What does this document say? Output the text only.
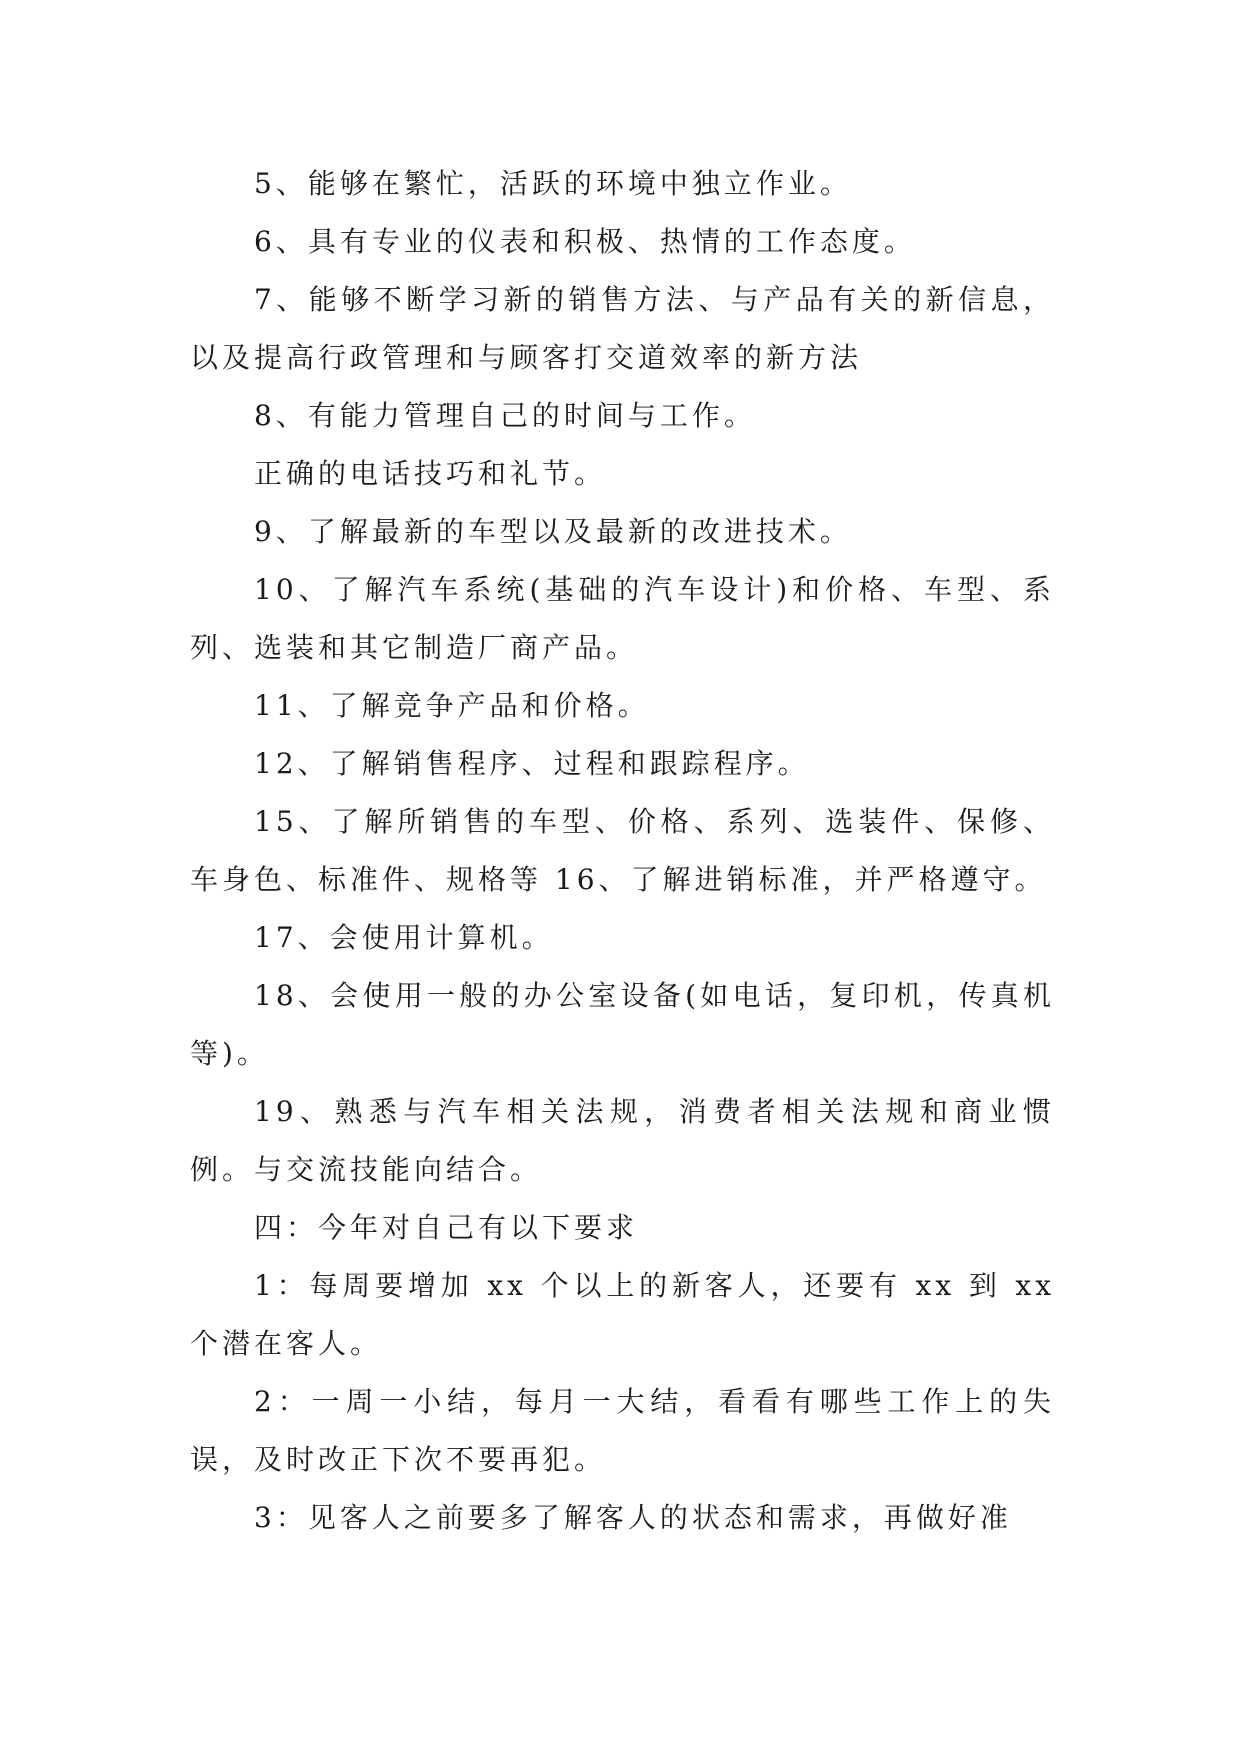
5、能够在繁忙，活跃的环境中独立作业。

6、具有专业的仪表和积极、热情的工作态度。

7、能够不断学习新的销售方法、与产品有关的新信息，以及提高行政管理和与顾客打交道效率的新方法

8、有能力管理自己的时间与工作。

正确的电话技巧和礼节。

9、了解最新的车型以及最新的改进技术。

10、了解汽车系统(基础的汽车设计)和价格、车型、系列、选装和其它制造厂商产品。

11、了解竞争产品和价格。

12、了解销售程序、过程和跟踪程序。

15、了解所销售的车型、价格、系列、选装件、保修、车身色、标准件、规格等 16、了解进销标准，并严格遵守。

17、会使用计算机。

18、会使用一般的办公室设备(如电话，复印机，传真机等)。

19、熟悉与汽车相关法规，消费者相关法规和商业惯例。与交流技能向结合。

四：今年对自己有以下要求

1：每周要增加 xx 个以上的新客人，还要有 xx 到 xx 个潜在客人。

2：一周一小结，每月一大结，看看有哪些工作上的失误，及时改正下次不要再犯。

3：见客人之前要多了解客人的状态和需求，再做好准
